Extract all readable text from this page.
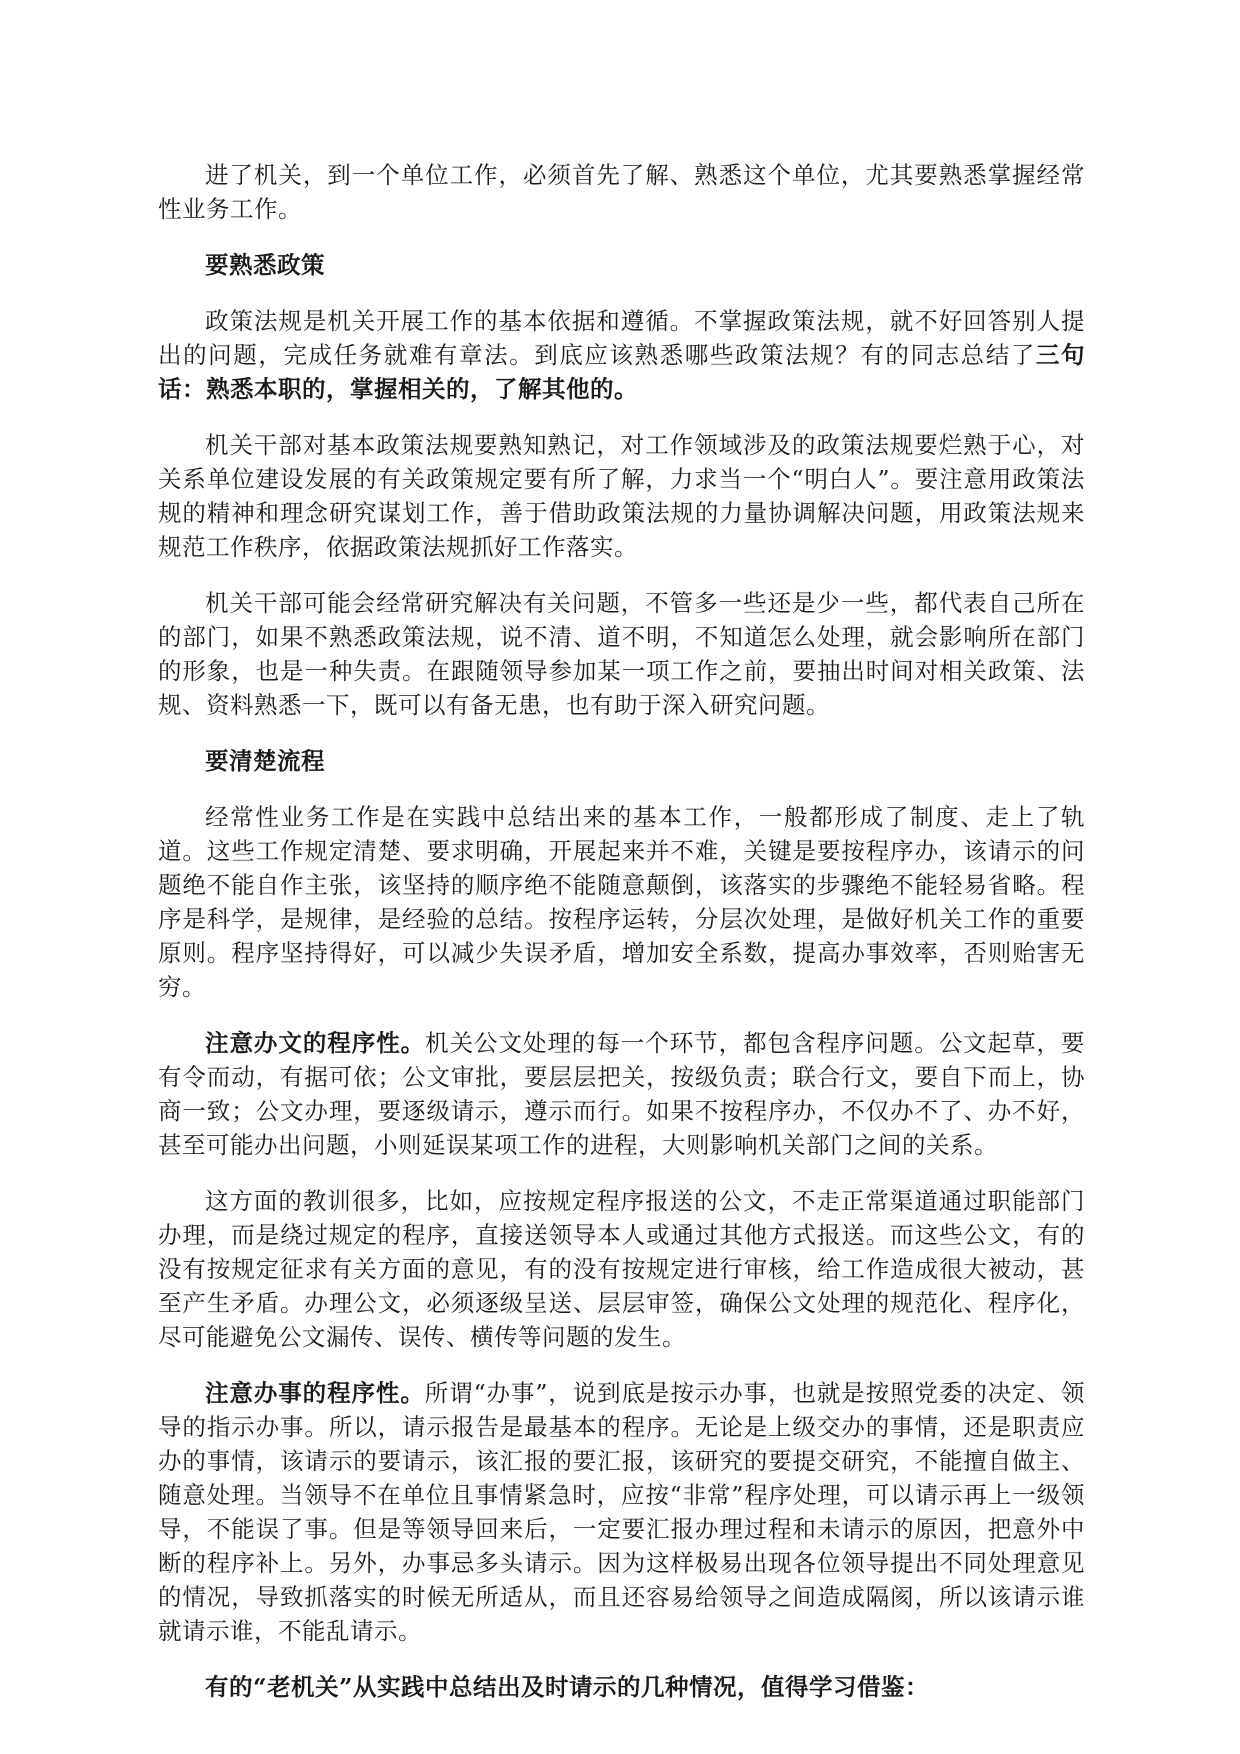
进了机关，到一个单位工作，必须首先了解、熟悉这个单位，尤其要熟悉掌握经常性业务工作。

要熟悉政策

政策法规是机关开展工作的基本依据和遵循。不掌握政策法规，就不好回答别人提出的问题，完成任务就难有章法。到底应该熟悉哪些政策法规？有的同志总结了三句话：熟悉本职的，掌握相关的，了解其他的。

机关干部对基本政策法规要熟知熟记，对工作领域涉及的政策法规要烂熟于心，对关系单位建设发展的有关政策规定要有所了解，力求当一个“明白人”。要注意用政策法规的精神和理念研究谋划工作，善于借助政策法规的力量协调解决问题，用政策法规来规范工作秩序，依据政策法规抓好工作落实。

机关干部可能会经常研究解决有关问题，不管多一些还是少一些，都代表自己所在的部门，如果不熟悉政策法规，说不清、道不明，不知道怎么处理，就会影响所在部门的形象，也是一种失责。在跟随领导参加某一项工作之前，要抽出时间对相关政策、法规、资料熟悉一下，既可以有备无患，也有助于深入研究问题。

要清楚流程

经常性业务工作是在实践中总结出来的基本工作，一般都形成了制度、走上了轨道。这些工作规定清楚、要求明确，开展起来并不难，关键是要按程序办，该请示的问题绝不能自作主张，该坚持的顺序绝不能随意颠倒，该落实的步骤绝不能轻易省略。程序是科学，是规律，是经验的总结。按程序运转，分层次处理，是做好机关工作的重要原则。程序坚持得好，可以减少失误矛盾，增加安全系数，提高办事效率，否则贻害无穷。

注意办文的程序性。机关公文处理的每一个环节，都包含程序问题。公文起草，要有令而动，有据可依；公文审批，要层层把关，按级负责；联合行文，要自下而上，协商一致；公文办理，要逐级请示，遵示而行。如果不按程序办，不仅办不了、办不好，甚至可能办出问题，小则延误某项工作的进程，大则影响机关部门之间的关系。

这方面的教训很多，比如，应按规定程序报送的公文，不走正常渠道通过职能部门办理，而是绕过规定的程序，直接送领导本人或通过其他方式报送。而这些公文，有的没有按规定征求有关方面的意见，有的没有按规定进行审核，给工作造成很大被动，甚至产生矛盾。办理公文，必须逐级呈送、层层审签，确保公文处理的规范化、程序化，尽可能避免公文漏传、误传、横传等问题的发生。

注意办事的程序性。所谓“办事”，说到底是按示办事，也就是按照党委的决定、领导的指示办事。所以，请示报告是最基本的程序。无论是上级交办的事情，还是职责应办的事情，该请示的要请示，该汇报的要汇报，该研究的要提交研究，不能擅自做主、随意处理。当领导不在单位且事情紧急时，应按“非常”程序处理，可以请示再上一级领导，不能误了事。但是等领导回来后，一定要汇报办理过程和未请示的原因，把意外中断的程序补上。另外，办事忌多头请示。因为这样极易出现各位领导提出不同处理意见的情况，导致抓落实的时候无所适从，而且还容易给领导之间造成隔阂，所以该请示谁就请示谁，不能乱请示。

有的“老机关”从实践中总结出及时请示的几种情况，值得学习借鉴：
